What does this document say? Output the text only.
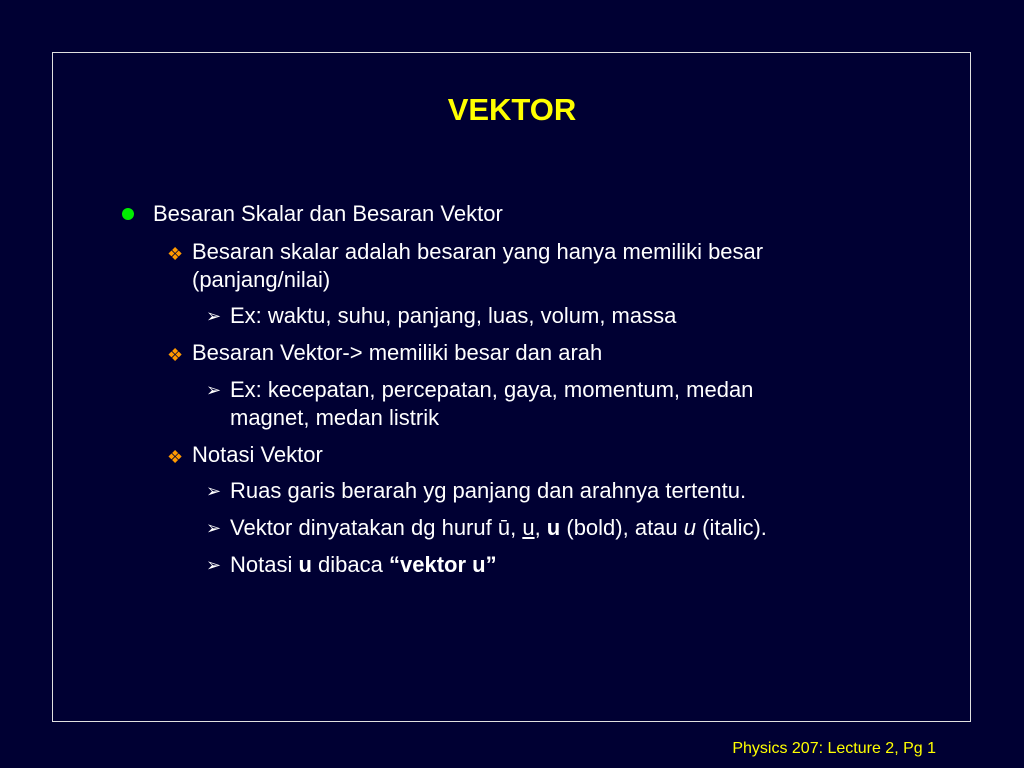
VEKTOR
Besaran Skalar dan Besaran Vektor
❖ Besaran skalar adalah besaran yang hanya memiliki besar
(panjang/nilai)
➢ Ex: waktu, suhu, panjang, luas, volum, massa
❖ Besaran Vektor-> memiliki besar dan arah
➢ Ex: kecepatan, percepatan, gaya, momentum, medan
magnet, medan listrik
❖ Notasi Vektor
➢ Ruas garis berarah yg panjang dan arahnya tertentu.
➢ Vektor dinyatakan dg huruf ū, u, u (bold), atau u (italic).
➢ Notasi u dibaca “vektor u”
Physics 207: Lecture 2, Pg 1
